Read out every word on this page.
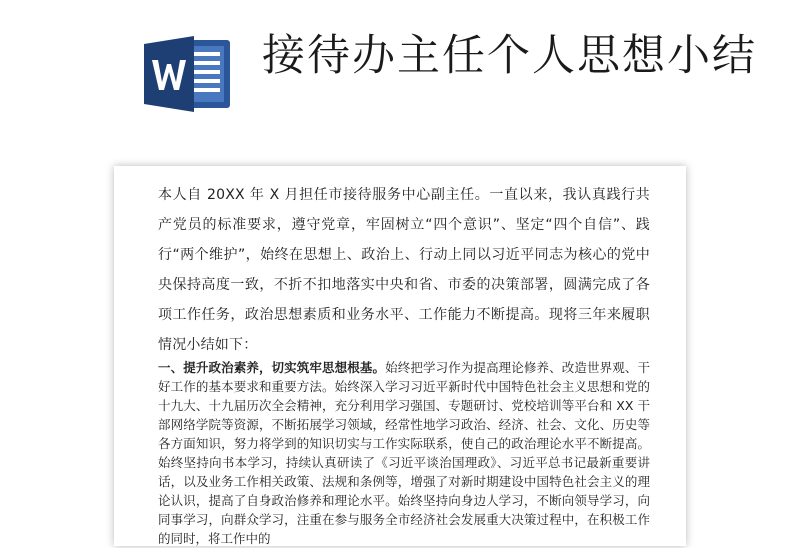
接待办主任个人思想小结

本人自 20XX 年 X 月担任市接待服务中心副主任。一直以来，我认真践行共产党员的标准要求，遵守党章，牢固树立“四个意识”、坚定“四个自信”、践行“两个维护”，始终在思想上、政治上、行动上同以习近平同志为核心的党中央保持高度一致，不折不扣地落实中央和省、市委的决策部署，圆满完成了各项工作任务，政治思想素质和业务水平、工作能力不断提高。现将三年来履职情况小结如下：

一、提升政治素养，切实筑牢思想根基。始终把学习作为提高理论修养、改造世界观、干好工作的基本要求和重要方法。始终深入学习习近平新时代中国特色社会主义思想和党的十九大、十九届历次全会精神，充分利用学习强国、专题研讨、党校培训等平台和 XX 干部网络学院等资源，不断拓展学习领域，经常性地学习政治、经济、社会、文化、历史等各方面知识，努力将学到的知识切实与工作实际联系，使自己的政治理论水平不断提高。始终坚持向书本学习，持续认真研读了《习近平谈治国理政》、习近平总书记最新重要讲话，以及业务工作相关政策、法规和条例等，增强了对新时期建设中国特色社会主义的理论认识，提高了自身政治修养和理论水平。始终坚持向身边人学习，不断向领导学习，向同事学习，向群众学习，注重在参与服务全市经济社会发展重大决策过程中，在积极工作的同时，将工作中的
